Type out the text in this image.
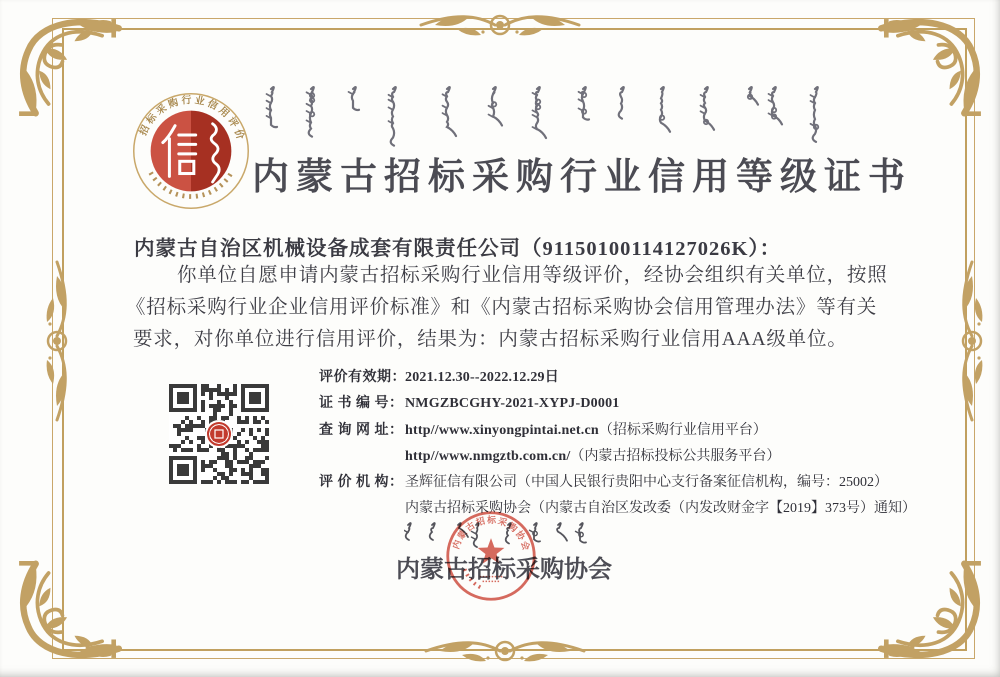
招标采购行业信用评价
内蒙古招标采购行业信用等级证书
内蒙古自治区机械设备成套有限责任公司（91150100114127026K）：
你单位自愿申请内蒙古招标采购行业信用等级评价，经协会组织有关单位，按照
《招标采购行业企业信用评价标准》和《内蒙古招标采购协会信用管理办法》等有关
要求，对你单位进行信用评价，结果为：内蒙古招标采购行业信用AAA级单位。
评价有效期：2021.12.30--2022.12.29日
证 书 编 号： NMGZBCGHY-2021-XYPJ-D0001
查 询 网 址： http//www.xinyongpintai.net.cn（招标采购行业信用平台）
http//www.nmgztb.com.cn/（内蒙古招标投标公共服务平台）
评 价 机 构： 圣辉征信有限公司（中国人民银行贵阳中心支行备案征信机构，编号：25002）
内蒙古招标采购协会（内蒙古自治区发改委（内发改财金字【2019】373号）通知）
内蒙古招标采购协会
内蒙古招标采购协会
